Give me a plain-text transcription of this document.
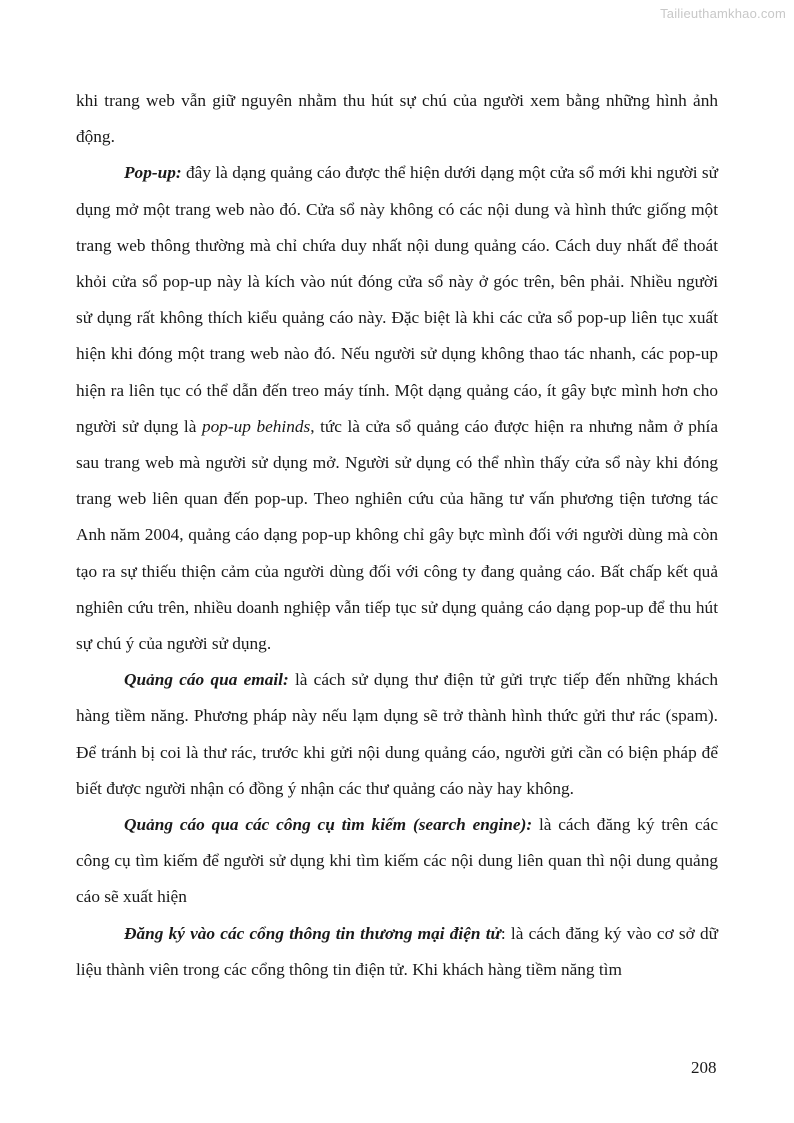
Tailieuthamkhao.com

khi trang web vẫn giữ nguyên nhằm thu hút sự chú của người xem bằng những hình ảnh động.

Pop-up: đây là dạng quảng cáo được thể hiện dưới dạng một cửa sổ mới khi người sử dụng mở một trang web nào đó. Cửa sổ này không có các nội dung và hình thức giống một trang web thông thường mà chỉ chứa duy nhất nội dung quảng cáo. Cách duy nhất để thoát khỏi cửa sổ pop-up này là kích vào nút đóng cửa sổ này ở góc trên, bên phải. Nhiều người sử dụng rất không thích kiểu quảng cáo này. Đặc biệt là khi các cửa sổ pop-up liên tục xuất hiện khi đóng một trang web nào đó. Nếu người sử dụng không thao tác nhanh, các pop-up hiện ra liên tục có thể dẫn đến treo máy tính. Một dạng quảng cáo, ít gây bực mình hơn cho người sử dụng là pop-up behinds, tức là cửa sổ quảng cáo được hiện ra nhưng nằm ở phía sau trang web mà người sử dụng mở. Người sử dụng có thể nhìn thấy cửa sổ này khi đóng trang web liên quan đến pop-up. Theo nghiên cứu của hãng tư vấn phương tiện tương tác Anh năm 2004, quảng cáo dạng pop-up không chỉ gây bực mình đối với người dùng mà còn tạo ra sự thiếu thiện cảm của người dùng đối với công ty đang quảng cáo. Bất chấp kết quả nghiên cứu trên, nhiều doanh nghiệp vẫn tiếp tục sử dụng quảng cáo dạng pop-up để thu hút sự chú ý của người sử dụng.

Quảng cáo qua email: là cách sử dụng thư điện tử gửi trực tiếp đến những khách hàng tiềm năng. Phương pháp này nếu lạm dụng sẽ trở thành hình thức gửi thư rác (spam). Để tránh bị coi là thư rác, trước khi gửi nội dung quảng cáo, người gửi cần có biện pháp để biết được người nhận có đồng ý nhận các thư quảng cáo này hay không.

Quảng cáo qua các công cụ tìm kiếm (search engine): là cách đăng ký trên các công cụ tìm kiếm để người sử dụng khi tìm kiếm các nội dung liên quan thì nội dung quảng cáo sẽ xuất hiện

Đăng ký vào các cổng thông tin thương mại điện tử: là cách đăng ký vào cơ sở dữ liệu thành viên trong các cổng thông tin điện tử. Khi khách hàng tiềm năng tìm

208
